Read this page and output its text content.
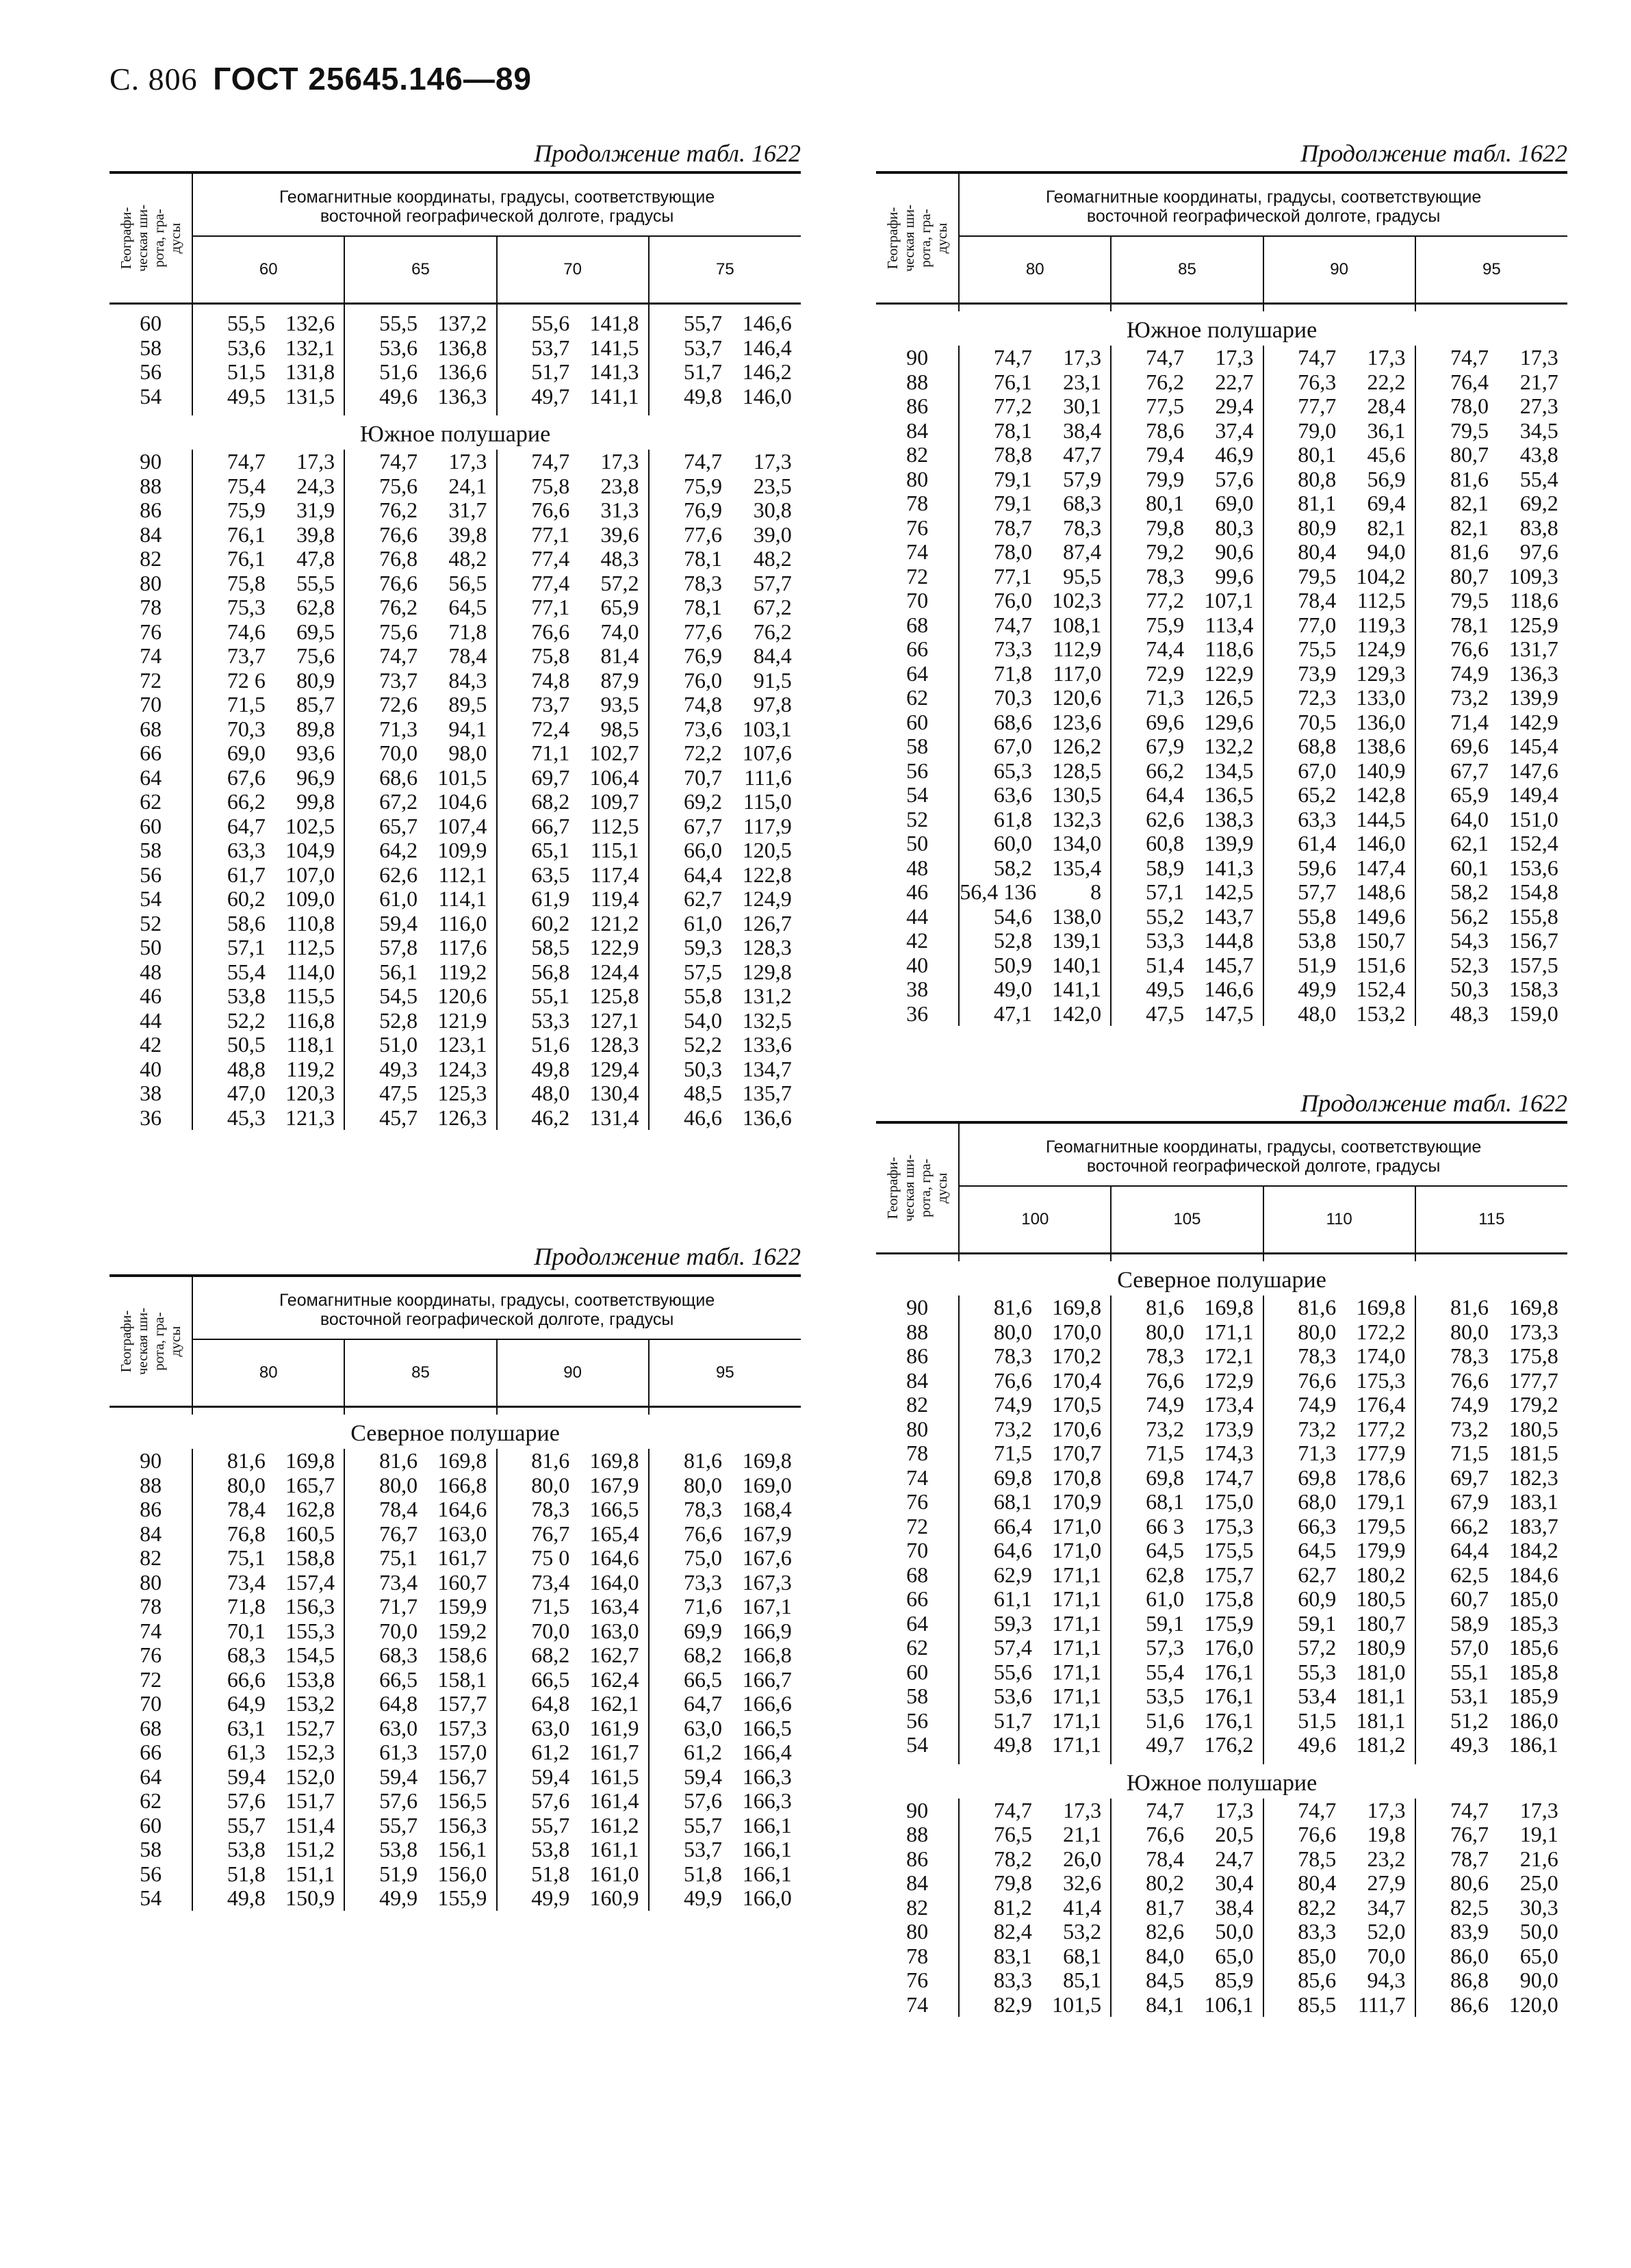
С. 806 ГОСТ 25645.146—89
Продолжение табл. 1622
Географи-
ческая ши-
рота, гра-
дусы	Геомагнитные координаты, градусы, соответствующие
восточной географической долготе, градусы			
	60	65	70	75

60	55,5 132,6	55,5 137,2	55,6 141,8	55,7 146,6
58	53,6 132,1	53,6 136,8	53,7 141,5	53,7 146,4
56	51,5 131,8	51,6 136,6	51,7 141,3	51,7 146,2
54	49,5 131,5	49,6 136,3	49,7 141,1	49,8 146,0

Южное полушарие				
90	74,7 17,3	74,7 17,3	74,7 17,3	74,7 17,3
88	75,4 24,3	75,6 24,1	75,8 23,8	75,9 23,5
86	75,9 31,9	76,2 31,7	76,6 31,3	76,9 30,8
84	76,1 39,8	76,6 39,8	77,1 39,6	77,6 39,0
82	76,1 47,8	76,8 48,2	77,4 48,3	78,1 48,2
80	75,8 55,5	76,6 56,5	77,4 57,2	78,3 57,7
78	75,3 62,8	76,2 64,5	77,1 65,9	78,1 67,2
76	74,6 69,5	75,6 71,8	76,6 74,0	77,6 76,2
74	73,7 75,6	74,7 78,4	75,8 81,4	76,9 84,4
72	72 6 80,9	73,7 84,3	74,8 87,9	76,0 91,5
70	71,5 85,7	72,6 89,5	73,7 93,5	74,8 97,8
68	70,3 89,8	71,3 94,1	72,4 98,5	73,6 103,1
66	69,0 93,6	70,0 98,0	71,1 102,7	72,2 107,6
64	67,6 96,9	68,6 101,5	69,7 106,4	70,7 111,6
62	66,2 99,8	67,2 104,6	68,2 109,7	69,2 115,0
60	64,7 102,5	65,7 107,4	66,7 112,5	67,7 117,9
58	63,3 104,9	64,2 109,9	65,1 115,1	66,0 120,5
56	61,7 107,0	62,6 112,1	63,5 117,4	64,4 122,8
54	60,2 109,0	61,0 114,1	61,9 119,4	62,7 124,9
52	58,6 110,8	59,4 116,0	60,2 121,2	61,0 126,7
50	57,1 112,5	57,8 117,6	58,5 122,9	59,3 128,3
48	55,4 114,0	56,1 119,2	56,8 124,4	57,5 129,8
46	53,8 115,5	54,5 120,6	55,1 125,8	55,8 131,2
44	52,2 116,8	52,8 121,9	53,3 127,1	54,0 132,5
42	50,5 118,1	51,0 123,1	51,6 128,3	52,2 133,6
40	48,8 119,2	49,3 124,3	49,8 129,4	50,3 134,7
38	47,0 120,3	47,5 125,3	48,0 130,4	48,5 135,7
36	45,3 121,3	45,7 126,3	46,2 131,4	46,6 136,6
Продолжение табл. 1622
Географи-
ческая ши-
рота, гра-
дусы	Геомагнитные координаты, градусы, соответствующие
восточной географической долготе, градусы			
	80	85	90	95

Северное полушарие				
90	81,6 169,8	81,6 169,8	81,6 169,8	81,6 169,8
88	80,0 165,7	80,0 166,8	80,0 167,9	80,0 169,0
86	78,4 162,8	78,4 164,6	78,3 166,5	78,3 168,4
84	76,8 160,5	76,7 163,0	76,7 165,4	76,6 167,9
82	75,1 158,8	75,1 161,7	75 0 164,6	75,0 167,6
80	73,4 157,4	73,4 160,7	73,4 164,0	73,3 167,3
78	71,8 156,3	71,7 159,9	71,5 163,4	71,6 167,1
74	70,1 155,3	70,0 159,2	70,0 163,0	69,9 166,9
76	68,3 154,5	68,3 158,6	68,2 162,7	68,2 166,8
72	66,6 153,8	66,5 158,1	66,5 162,4	66,5 166,7
70	64,9 153,2	64,8 157,7	64,8 162,1	64,7 166,6
68	63,1 152,7	63,0 157,3	63,0 161,9	63,0 166,5
66	61,3 152,3	61,3 157,0	61,2 161,7	61,2 166,4
64	59,4 152,0	59,4 156,7	59,4 161,5	59,4 166,3
62	57,6 151,7	57,6 156,5	57,6 161,4	57,6 166,3
60	55,7 151,4	55,7 156,3	55,7 161,2	55,7 166,1
58	53,8 151,2	53,8 156,1	53,8 161,1	53,7 166,1
56	51,8 151,1	51,9 156,0	51,8 161,0	51,8 166,1
54	49,8 150,9	49,9 155,9	49,9 160,9	49,9 166,0
Продолжение табл. 1622
Географи-
ческая ши-
рота, гра-
дусы	Геомагнитные координаты, градусы, соответствующие
восточной географической долготе, градусы			
	80	85	90	95

Южное полушарие				
90	74,7 17,3	74,7 17,3	74,7 17,3	74,7 17,3
88	76,1 23,1	76,2 22,7	76,3 22,2	76,4 21,7
86	77,2 30,1	77,5 29,4	77,7 28,4	78,0 27,3
84	78,1 38,4	78,6 37,4	79,0 36,1	79,5 34,5
82	78,8 47,7	79,4 46,9	80,1 45,6	80,7 43,8
80	79,1 57,9	79,9 57,6	80,8 56,9	81,6 55,4
78	79,1 68,3	80,1 69,0	81,1 69,4	82,1 69,2
76	78,7 78,3	79,8 80,3	80,9 82,1	82,1 83,8
74	78,0 87,4	79,2 90,6	80,4 94,0	81,6 97,6
72	77,1 95,5	78,3 99,6	79,5 104,2	80,7 109,3
70	76,0 102,3	77,2 107,1	78,4 112,5	79,5 118,6
68	74,7 108,1	75,9 113,4	77,0 119,3	78,1 125,9
66	73,3 112,9	74,4 118,6	75,5 124,9	76,6 131,7
64	71,8 117,0	72,9 122,9	73,9 129,3	74,9 136,3
62	70,3 120,6	71,3 126,5	72,3 133,0	73,2 139,9
60	68,6 123,6	69,6 129,6	70,5 136,0	71,4 142,9
58	67,0 126,2	67,9 132,2	68,8 138,6	69,6 145,4
56	65,3 128,5	66,2 134,5	67,0 140,9	67,7 147,6
54	63,6 130,5	64,4 136,5	65,2 142,8	65,9 149,4
52	61,8 132,3	62,6 138,3	63,3 144,5	64,0 151,0
50	60,0 134,0	60,8 139,9	61,4 146,0	62,1 152,4
48	58,2 135,4	58,9 141,3	59,6 147,4	60,1 153,6
46	56,4 136 8	57,1 142,5	57,7 148,6	58,2 154,8
44	54,6 138,0	55,2 143,7	55,8 149,6	56,2 155,8
42	52,8 139,1	53,3 144,8	53,8 150,7	54,3 156,7
40	50,9 140,1	51,4 145,7	51,9 151,6	52,3 157,5
38	49,0 141,1	49,5 146,6	49,9 152,4	50,3 158,3
36	47,1 142,0	47,5 147,5	48,0 153,2	48,3 159,0
Продолжение табл. 1622
Географи-
ческая ши-
рота, гра-
дусы	Геомагнитные координаты, градусы, соответствующие
восточной географической долготе, градусы			
	100	105	110	115

Северное полушарие				
90	81,6 169,8	81,6 169,8	81,6 169,8	81,6 169,8
88	80,0 170,0	80,0 171,1	80,0 172,2	80,0 173,3
86	78,3 170,2	78,3 172,1	78,3 174,0	78,3 175,8
84	76,6 170,4	76,6 172,9	76,6 175,3	76,6 177,7
82	74,9 170,5	74,9 173,4	74,9 176,4	74,9 179,2
80	73,2 170,6	73,2 173,9	73,2 177,2	73,2 180,5
78	71,5 170,7	71,5 174,3	71,3 177,9	71,5 181,5
74	69,8 170,8	69,8 174,7	69,8 178,6	69,7 182,3
76	68,1 170,9	68,1 175,0	68,0 179,1	67,9 183,1
72	66,4 171,0	66 3 175,3	66,3 179,5	66,2 183,7
70	64,6 171,0	64,5 175,5	64,5 179,9	64,4 184,2
68	62,9 171,1	62,8 175,7	62,7 180,2	62,5 184,6
66	61,1 171,1	61,0 175,8	60,9 180,5	60,7 185,0
64	59,3 171,1	59,1 175,9	59,1 180,7	58,9 185,3
62	57,4 171,1	57,3 176,0	57,2 180,9	57,0 185,6
60	55,6 171,1	55,4 176,1	55,3 181,0	55,1 185,8
58	53,6 171,1	53,5 176,1	53,4 181,1	53,1 185,9
56	51,7 171,1	51,6 176,1	51,5 181,1	51,2 186,0
54	49,8 171,1	49,7 176,2	49,6 181,2	49,3 186,1

Южное полушарие				
90	74,7 17,3	74,7 17,3	74,7 17,3	74,7 17,3
88	76,5 21,1	76,6 20,5	76,6 19,8	76,7 19,1
86	78,2 26,0	78,4 24,7	78,5 23,2	78,7 21,6
84	79,8 32,6	80,2 30,4	80,4 27,9	80,6 25,0
82	81,2 41,4	81,7 38,4	82,2 34,7	82,5 30,3
80	82,4 53,2	82,6 50,0	83,3 52,0	83,9 50,0
78	83,1 68,1	84,0 65,0	85,0 70,0	86,0 65,0
76	83,3 85,1	84,5 85,9	85,6 94,3	86,8 90,0
74	82,9 101,5	84,1 106,1	85,5 111,7	86,6 120,0
